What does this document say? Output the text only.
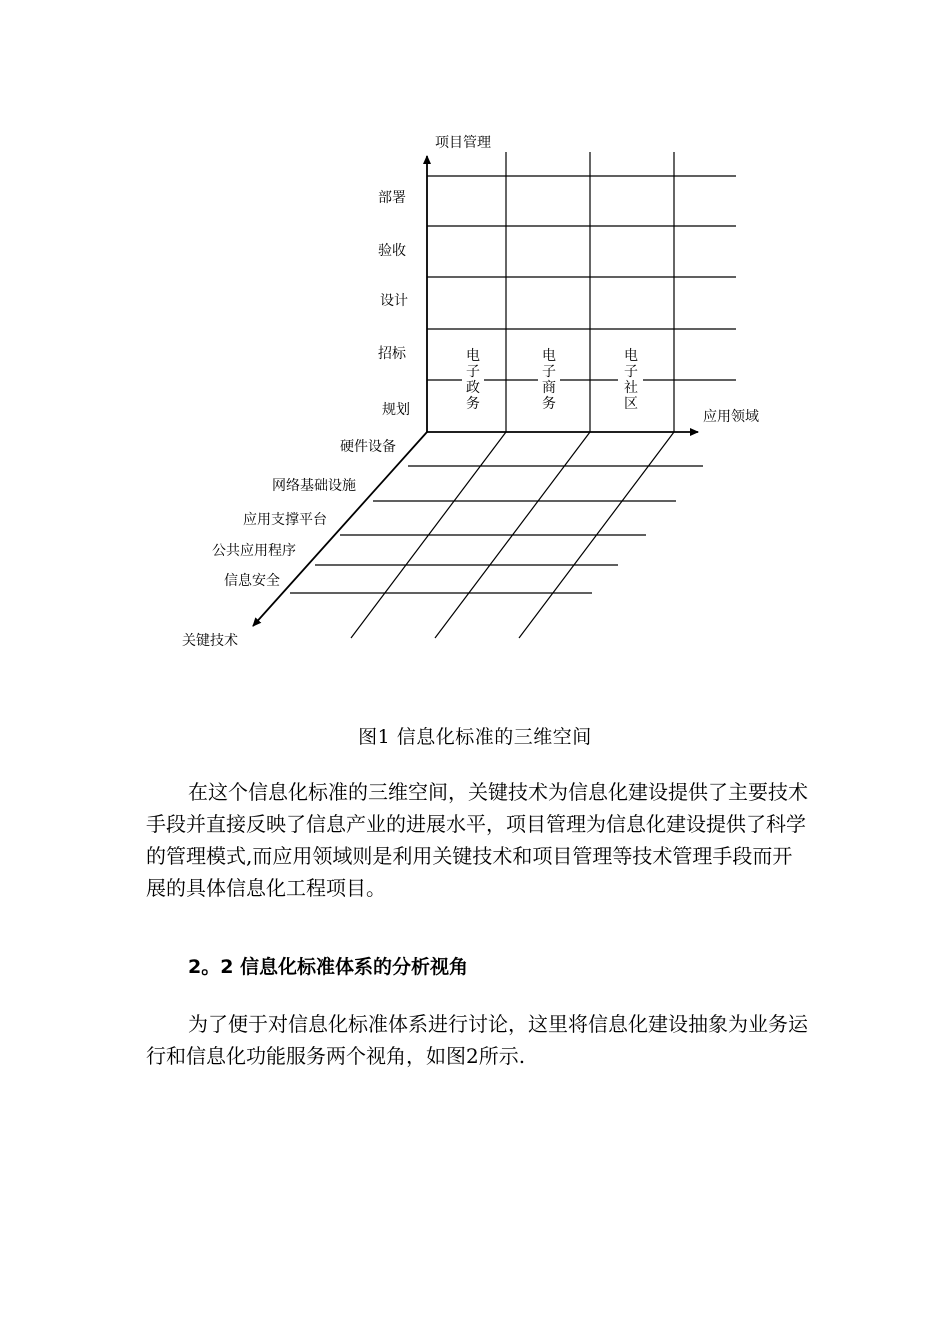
项目管理
应用领域
关键技术
部署
验收
设计
招标
规划
硬件设备
网络基础设施
应用支撑平台
公共应用程序
信息安全
电
子
政
务
电
子
商
务
电
子
社
区
图1 信息化标准的三维空间

在这个信息化标准的三维空间，关键技术为信息化建设提供了主要技术手段并直接反映了信息产业的进展水平，项目管理为信息化建设提供了科学的管理模式,而应用领域则是利用关键技术和项目管理等技术管理手段而开展的具体信息化工程项目。

2。2 信息化标准体系的分析视角

为了便于对信息化标准体系进行讨论，这里将信息化建设抽象为业务运行和信息化功能服务两个视角，如图2所示.
